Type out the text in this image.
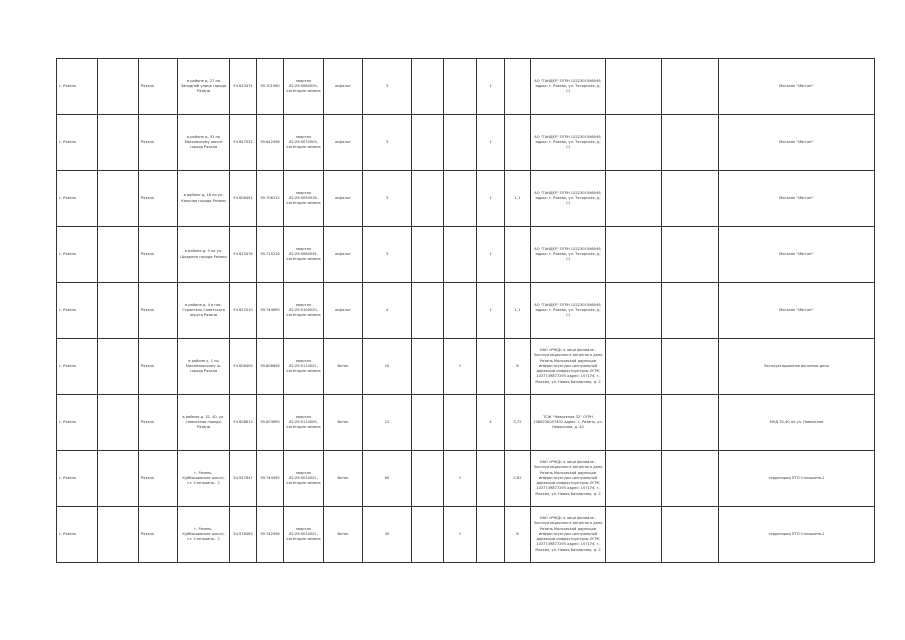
г. Рязань		Рязань	в районе д. 27 по Западной улице города Рязани	54.633474	39.701960	квартал 62:29:0080029, категория земель	асфальт	3			1		АО "ТАНДЕР" ОГРН 1022301598549, адрес: г. Рязань, ул. Татарская, д. 11			Магазин "Магнит"
г. Рязань		Рязань	в районе д. 31 по Московскому шоссе города Рязани	54.647032	39.642998	квартал 62:29:0070003, категория земель	асфальт	3			1		АО "ТАНДЕР" ОГРН 1022301598549, адрес: г. Рязань, ул. Татарская, д. 11			Магазин "Магнит"
г. Рязань		Рязань	в районе д. 18 по ул. Кальная города Рязани	54.608491	39.706122	квартал 62:29:0090018, категория земель	асфальт	3			1	1,1	АО "ТАНДЕР" ОГРН 1022301598549, адрес: г. Рязань, ул. Татарская, д. 11			Магазин "Магнит"
г. Рязань		Рязань	в районе д. 5 по ул. Щедрина города Рязани	54.625478	39.715216	квартал 62:29:0080045, категория земель	асфальт	3			1		АО "ТАНДЕР" ОГРН 1022301598549, адрес: г. Рязань, ул. Татарская, д. 11			Магазин "Магнит"
г. Рязань		Рязань	в районе д. 4 в пос. Строитель Советского округа Рязани	54.622510	39.744690	квартал 62:29:0100020, категория земель	асфальт	4			1	1,1	АО "ТАНДЕР" ОГРН 1022301598549, адрес: г. Рязань, ул. Татарская, д. 11			Магазин "Магнит"
г. Рязань		Рязань	в районе у. 1 по Михайловскому ш. города Рязани	54.608405	39.808856	квартал 62:29:0110001, категория земель	бетон	10		1		8	ОАО «РЖД» в лице филиала - Эксплуатационного вагонного депо Рязань Московской дирекции инфраструктуры центральной дирекции инфраструктуры ОГРН 1037739877295 адрес: 107174, г. Москва, ул. Новая Басманная, д. 2			Эксплуатационное вагонное депо
г. Рязань		Рязань	в районе д. 32, 40, ул. Новоселов города Рязани	54.608813	39.803690	квартал 62:29:0110005, категория земель	бетон	12			4	0,72	ТСЖ "Новоселов 32" ОГРН 1066230057402 адрес: г. Рязань, ул. Новоселов, д. 40			МКД 32,40 по ул. Новоселов
г. Рязань		Рязань	г. Рязань, Куйбышевское шоссе, ст. Стенькино - 2	54.547847	39.744095	квартал 62:29:0010001, категория земель	бетон	60		1		2,62	ОАО «РЖД» в лице филиала - Эксплуатационного вагонного депо Рязань Московской дирекции инфраструктуры центральной дирекции инфраструктуры ОГРН 1037739877295 адрес: 107174, г. Москва, ул. Новая Басманная, д. 2			территория ПТО Стенькино-2
г. Рязань		Рязань	г. Рязань, Куйбышевское шоссе, ст. Стенькино - 2	54.578463	39.742996	квартал 62:29:0010001, категория земель	бетон	30		1		8	ОАО «РЖД» в лице филиала - Эксплуатационного вагонного депо Рязань Московской дирекции инфраструктуры центральной дирекции инфраструктуры ОГРН 1037739877295 адрес: 107174, г. Москва, ул. Новая Басманная, д. 2			территория ПТО Стенькино-2
